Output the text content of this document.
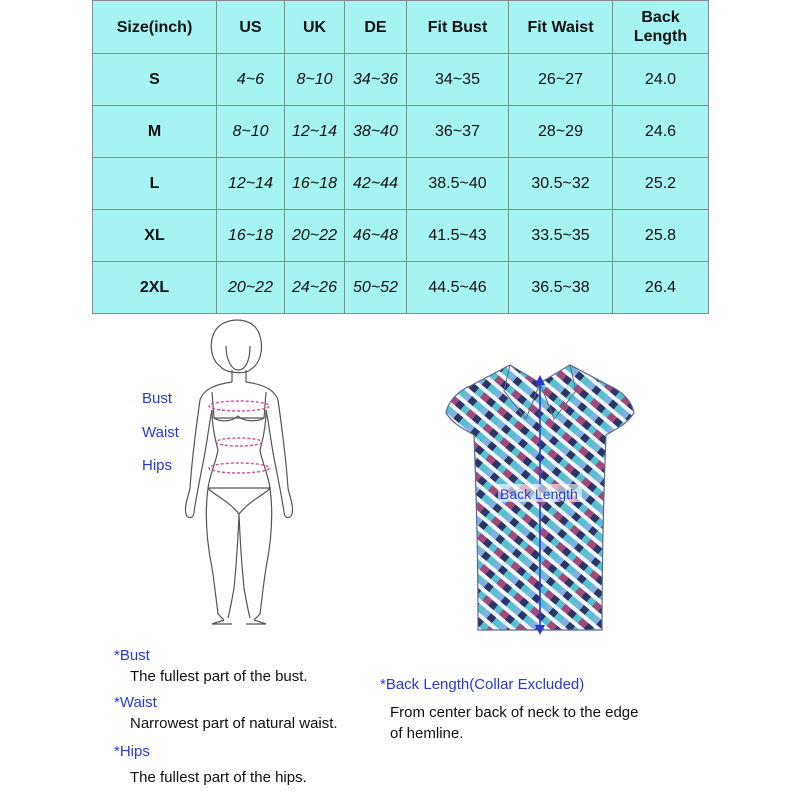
Size(inch)	US	UK	DE	Fit Bust	Fit Waist	Back Length
S	4~6	8~10	34~36	34~35	26~27	24.0
M	8~10	12~14	38~40	36~37	28~29	24.6
L	12~14	16~18	42~44	38.5~40	30.5~32	25.2
XL	16~18	20~22	46~48	41.5~43	33.5~35	25.8
2XL	20~22	24~26	50~52	44.5~46	36.5~38	26.4
Bust
Waist
Hips
Back Length
*Bust
The fullest part of the bust.
*Waist
Narrowest part of natural waist.
*Hips
The fullest part of the hips.
*Back Length(Collar Excluded)
From center back of neck to the edge
of hemline.
